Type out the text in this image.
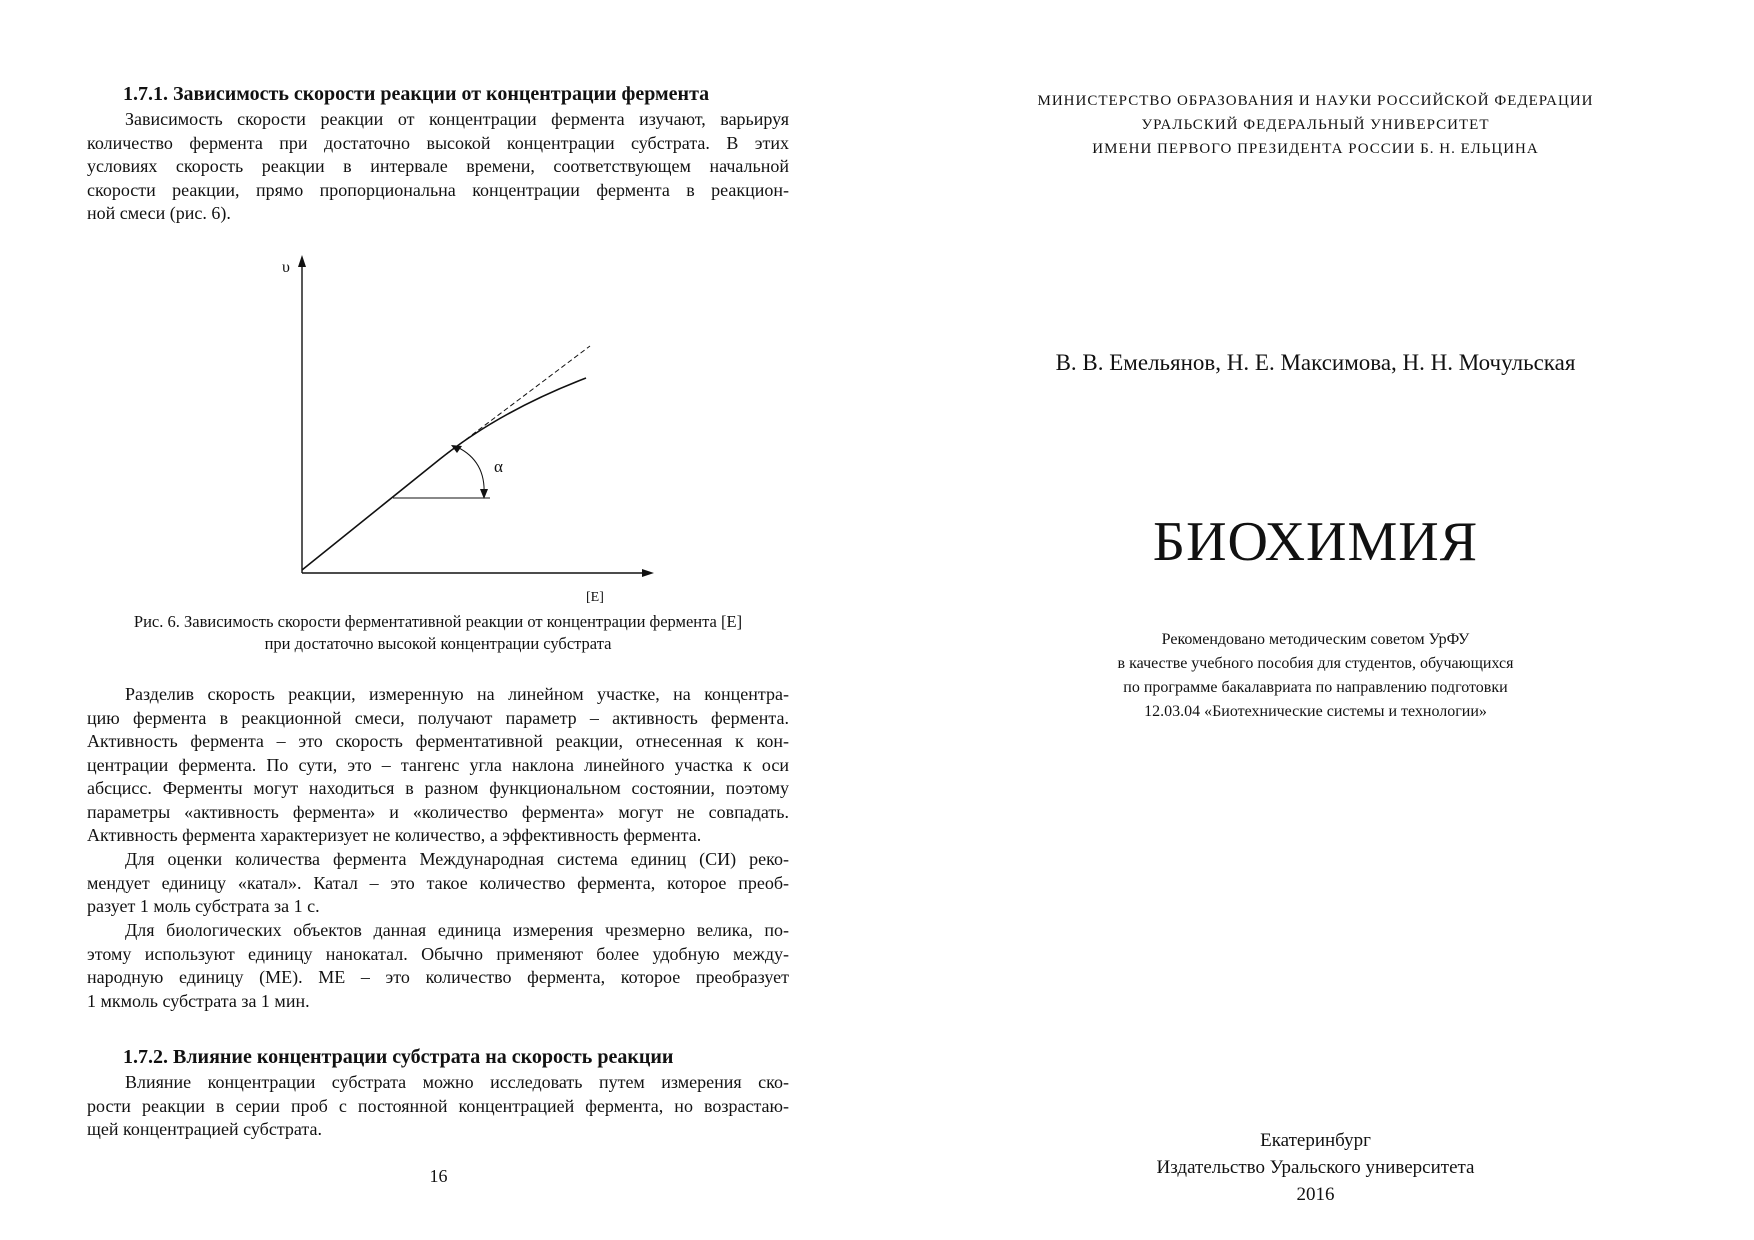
1.7.1. Зависимость скорости реакции от концентрации фермента
Зависимость скорости реакции от концентрации фермента изучают, варьируя
количество фермента при достаточно высокой концентрации субстрата. В этих
условиях скорость реакции в интервале времени, соответствующем начальной
скорости реакции, прямо пропорциональна концентрации фермента в реакцион-
ной смеси (рис. 6).
υ
[E]
α
Рис. 6. Зависимость скорости ферментативной реакции от концентрации фермента [E]
при достаточно высокой концентрации субстрата
Разделив скорость реакции, измеренную на линейном участке, на концентра-
цию фермента в реакционной смеси, получают параметр – активность фермента.
Активность фермента – это скорость ферментативной реакции, отнесенная к кон-
центрации фермента. По сути, это – тангенс угла наклона линейного участка к оси
абсцисс. Ферменты могут находиться в разном функциональном состоянии, поэтому
параметры «активность фермента» и «количество фермента» могут не совпадать.
Активность фермента характеризует не количество, а эффективность фермента.
Для оценки количества фермента Международная система единиц (СИ) реко-
мендует единицу «катал». Катал – это такое количество фермента, которое преоб-
разует 1 моль субстрата за 1 с.
Для биологических объектов данная единица измерения чрезмерно велика, по-
этому используют единицу нанокатал. Обычно применяют более удобную между-
народную единицу (МЕ). МЕ – это количество фермента, которое преобразует
1 мкмоль субстрата за 1 мин.
1.7.2. Влияние концентрации субстрата на скорость реакции
Влияние концентрации субстрата можно исследовать путем измерения ско-
рости реакции в серии проб с постоянной концентрацией фермента, но возрастаю-
щей концентрацией субстрата.
16
МИНИСТЕРСТВО ОБРАЗОВАНИЯ И НАУКИ РОССИЙСКОЙ ФЕДЕРАЦИИ
УРАЛЬСКИЙ ФЕДЕРАЛЬНЫЙ УНИВЕРСИТЕТ
ИМЕНИ ПЕРВОГО ПРЕЗИДЕНТА РОССИИ Б. Н. ЕЛЬЦИНА
В. В. Емельянов, Н. Е. Максимова, Н. Н. Мочульская
БИОХИМИЯ
Рекомендовано методическим советом УрФУ
в качестве учебного пособия для студентов, обучающихся
по программе бакалавриата по направлению подготовки
12.03.04 «Биотехнические системы и технологии»
Екатеринбург
Издательство Уральского университета
2016
